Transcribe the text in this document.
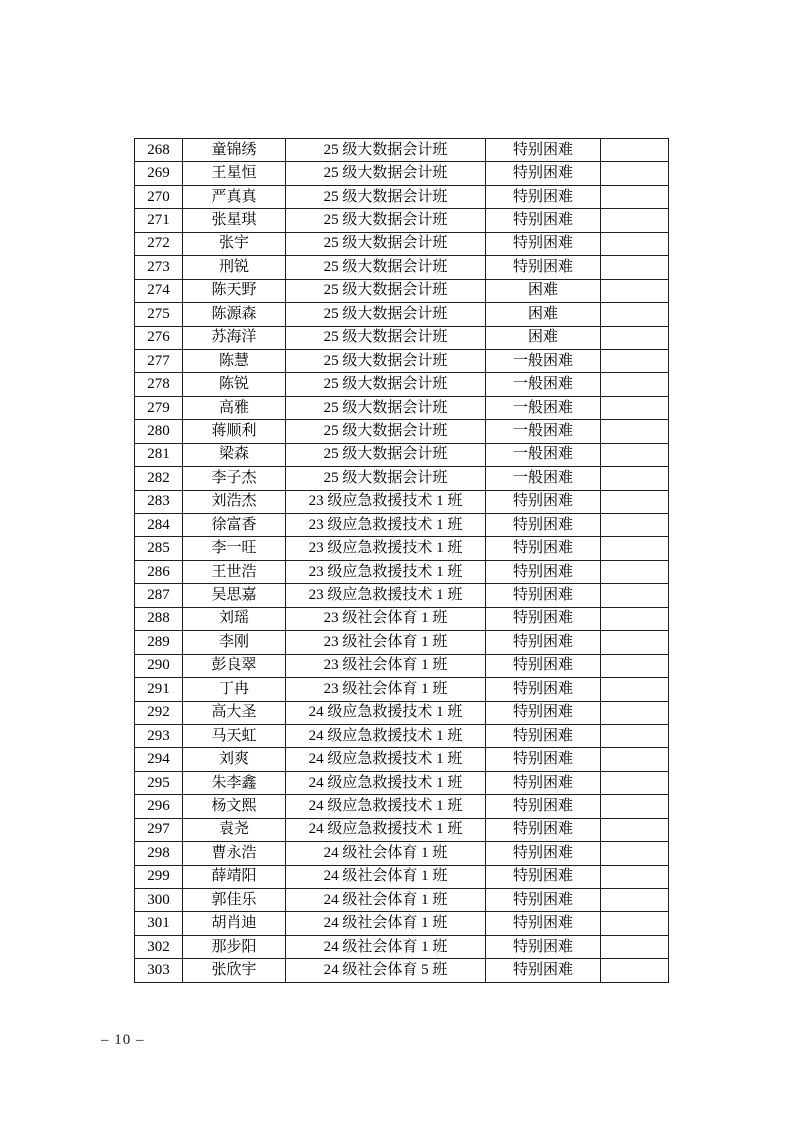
268	童锦绣	25 级大数据会计班	特别困难	
269	王星恒	25 级大数据会计班	特别困难	
270	严真真	25 级大数据会计班	特别困难	
271	张星琪	25 级大数据会计班	特别困难	
272	张宇	25 级大数据会计班	特别困难	
273	刑锐	25 级大数据会计班	特别困难	
274	陈天野	25 级大数据会计班	困难	
275	陈源森	25 级大数据会计班	困难	
276	苏海洋	25 级大数据会计班	困难	
277	陈慧	25 级大数据会计班	一般困难	
278	陈锐	25 级大数据会计班	一般困难	
279	高雅	25 级大数据会计班	一般困难	
280	蒋顺利	25 级大数据会计班	一般困难	
281	梁森	25 级大数据会计班	一般困难	
282	李子杰	25 级大数据会计班	一般困难	
283	刘浩杰	23 级应急救援技术 1 班	特别困难	
284	徐富香	23 级应急救援技术 1 班	特别困难	
285	李一旺	23 级应急救援技术 1 班	特别困难	
286	王世浩	23 级应急救援技术 1 班	特别困难	
287	吴思嘉	23 级应急救援技术 1 班	特别困难	
288	刘瑶	23 级社会体育 1 班	特别困难	
289	李刚	23 级社会体育 1 班	特别困难	
290	彭良翠	23 级社会体育 1 班	特别困难	
291	丁冉	23 级社会体育 1 班	特别困难	
292	高大圣	24 级应急救援技术 1 班	特别困难	
293	马天虹	24 级应急救援技术 1 班	特别困难	
294	刘爽	24 级应急救援技术 1 班	特别困难	
295	朱李鑫	24 级应急救援技术 1 班	特别困难	
296	杨文熙	24 级应急救援技术 1 班	特别困难	
297	袁尧	24 级应急救援技术 1 班	特别困难	
298	曹永浩	24 级社会体育 1 班	特别困难	
299	薛靖阳	24 级社会体育 1 班	特别困难	
300	郭佳乐	24 级社会体育 1 班	特别困难	
301	胡肖迪	24 级社会体育 1 班	特别困难	
302	那步阳	24 级社会体育 1 班	特别困难	
303	张欣宇	24 级社会体育 5 班	特别困难	
– 10 –
